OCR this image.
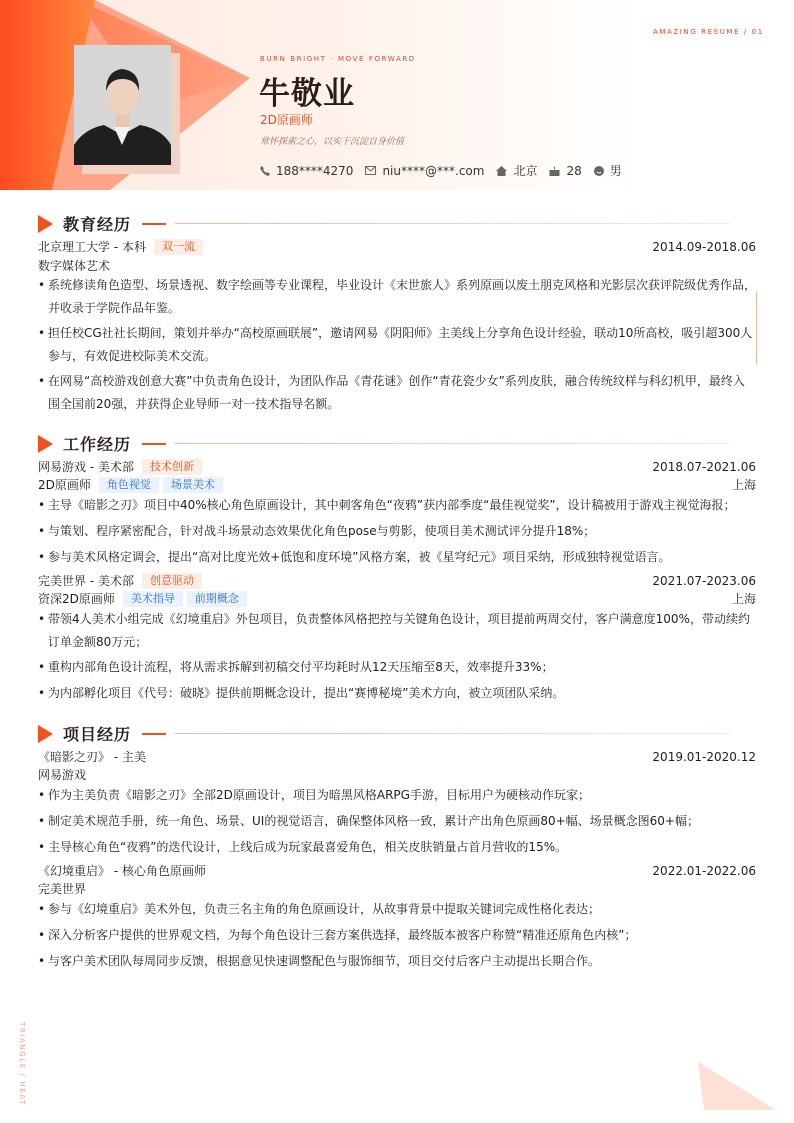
AMAZING RESUME / 01
BURN BRIGHT · MOVE FORWARD
牛敬业
2D原画师
常怀探索之心，以实干沉淀自身价值
188****4270 niu****@***.com 北京 28 男
教育经历
北京理工大学 - 本科	双一流	2014.09-2018.06
数字媒体艺术
• 系统修读角色造型、场景透视、数字绘画等专业课程，毕业设计《末世旅人》系列原画以废土朋克风格和光影层次获评院级优秀作品，并收录于学院作品年鉴。
• 担任校CG社社长期间，策划并举办“高校原画联展”，邀请网易《阴阳师》主美线上分享角色设计经验，联动10所高校，吸引超300人参与，有效促进校际美术交流。
• 在网易“高校游戏创意大赛”中负责角色设计，为团队作品《青花谜》创作“青花瓷少女”系列皮肤，融合传统纹样与科幻机甲，最终入围全国前20强，并获得企业导师一对一技术指导名额。
工作经历
网易游戏 - 美术部	技术创新	2018.07-2021.06
2D原画师	角色视觉	场景美术	上海
• 主导《暗影之刃》项目中40%核心角色原画设计，其中刺客角色“夜鸦”获内部季度“最佳视觉奖”，设计稿被用于游戏主视觉海报；
• 与策划、程序紧密配合，针对战斗场景动态效果优化角色pose与剪影，使项目美术测试评分提升18%；
• 参与美术风格定调会，提出“高对比度光效+低饱和度环境”风格方案，被《星穹纪元》项目采纳，形成独特视觉语言。
完美世界 - 美术部	创意驱动	2021.07-2023.06
资深2D原画师	美术指导	前期概念	上海
• 带领4人美术小组完成《幻境重启》外包项目，负责整体风格把控与关键角色设计，项目提前两周交付，客户满意度100%，带动续约订单金额80万元；
• 重构内部角色设计流程，将从需求拆解到初稿交付平均耗时从12天压缩至8天，效率提升33%；
• 为内部孵化项目《代号：破晓》提供前期概念设计，提出“赛博秘境”美术方向，被立项团队采纳。
项目经历
《暗影之刃》 - 主美	2019.01-2020.12
网易游戏
• 作为主美负责《暗影之刃》全部2D原画设计，项目为暗黑风格ARPG手游，目标用户为硬核动作玩家；
• 制定美术规范手册，统一角色、场景、UI的视觉语言，确保整体风格一致，累计产出角色原画80+幅、场景概念图60+幅；
• 主导核心角色“夜鸦”的迭代设计，上线后成为玩家最喜爱角色，相关皮肤销量占首月营收的15%。
《幻境重启》 - 核心角色原画师	2022.01-2022.06
完美世界
• 参与《幻境重启》美术外包，负责三名主角的角色原画设计，从故事背景中提取关键词完成性格化表达；
• 深入分析客户提供的世界观文档，为每个角色设计三套方案供选择，最终版本被客户称赞“精准还原角色内核”；
• 与客户美术团队每周同步反馈，根据意见快速调整配色与服饰细节，项目交付后客户主动提出长期合作。
TRIANGLE / HEAT
